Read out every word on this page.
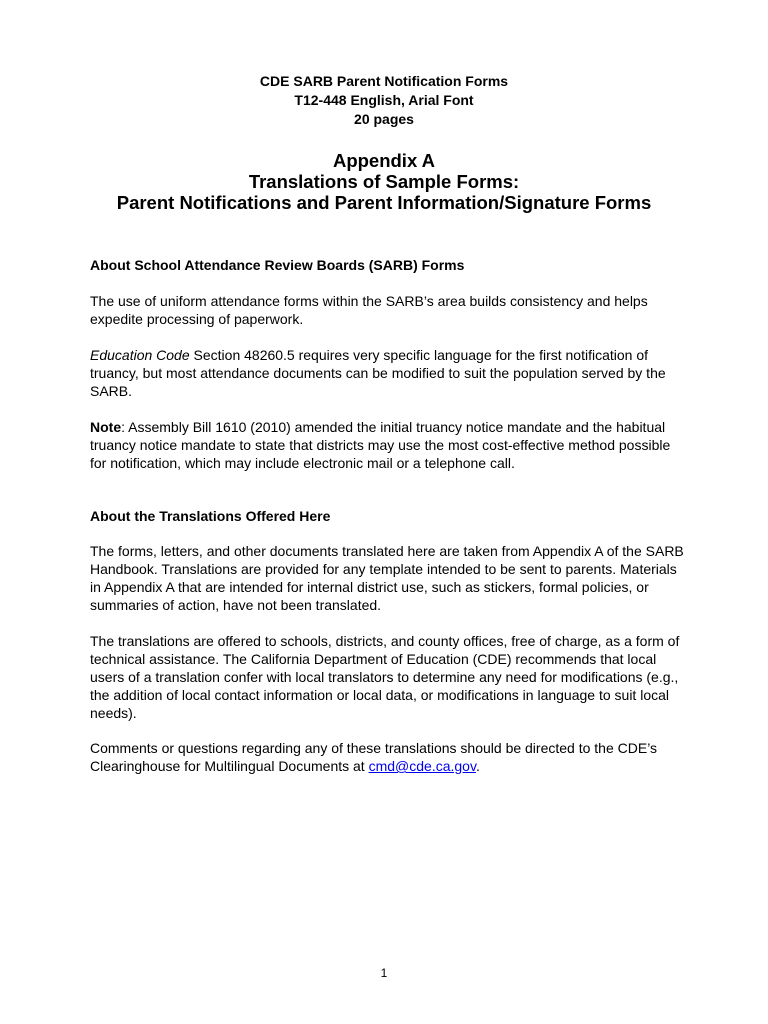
CDE SARB Parent Notification Forms
T12-448 English, Arial Font
20 pages
Appendix A
Translations of Sample Forms:
Parent Notifications and Parent Information/Signature Forms
About School Attendance Review Boards (SARB) Forms

The use of uniform attendance forms within the SARB’s area builds consistency and helps expedite processing of paperwork.

Education Code Section 48260.5 requires very specific language for the first notification of truancy, but most attendance documents can be modified to suit the population served by the SARB.

Note: Assembly Bill 1610 (2010) amended the initial truancy notice mandate and the habitual truancy notice mandate to state that districts may use the most cost-effective method possible for notification, which may include electronic mail or a telephone call.

About the Translations Offered Here

The forms, letters, and other documents translated here are taken from Appendix A of the SARB Handbook. Translations are provided for any template intended to be sent to parents. Materials in Appendix A that are intended for internal district use, such as stickers, formal policies, or summaries of action, have not been translated.

The translations are offered to schools, districts, and county offices, free of charge, as a form of technical assistance. The California Department of Education (CDE) recommends that local users of a translation confer with local translators to determine any need for modifications (e.g., the addition of local contact information or local data, or modifications in language to suit local needs).

Comments or questions regarding any of these translations should be directed to the CDE’s Clearinghouse for Multilingual Documents at cmd@cde.ca.gov.

1
